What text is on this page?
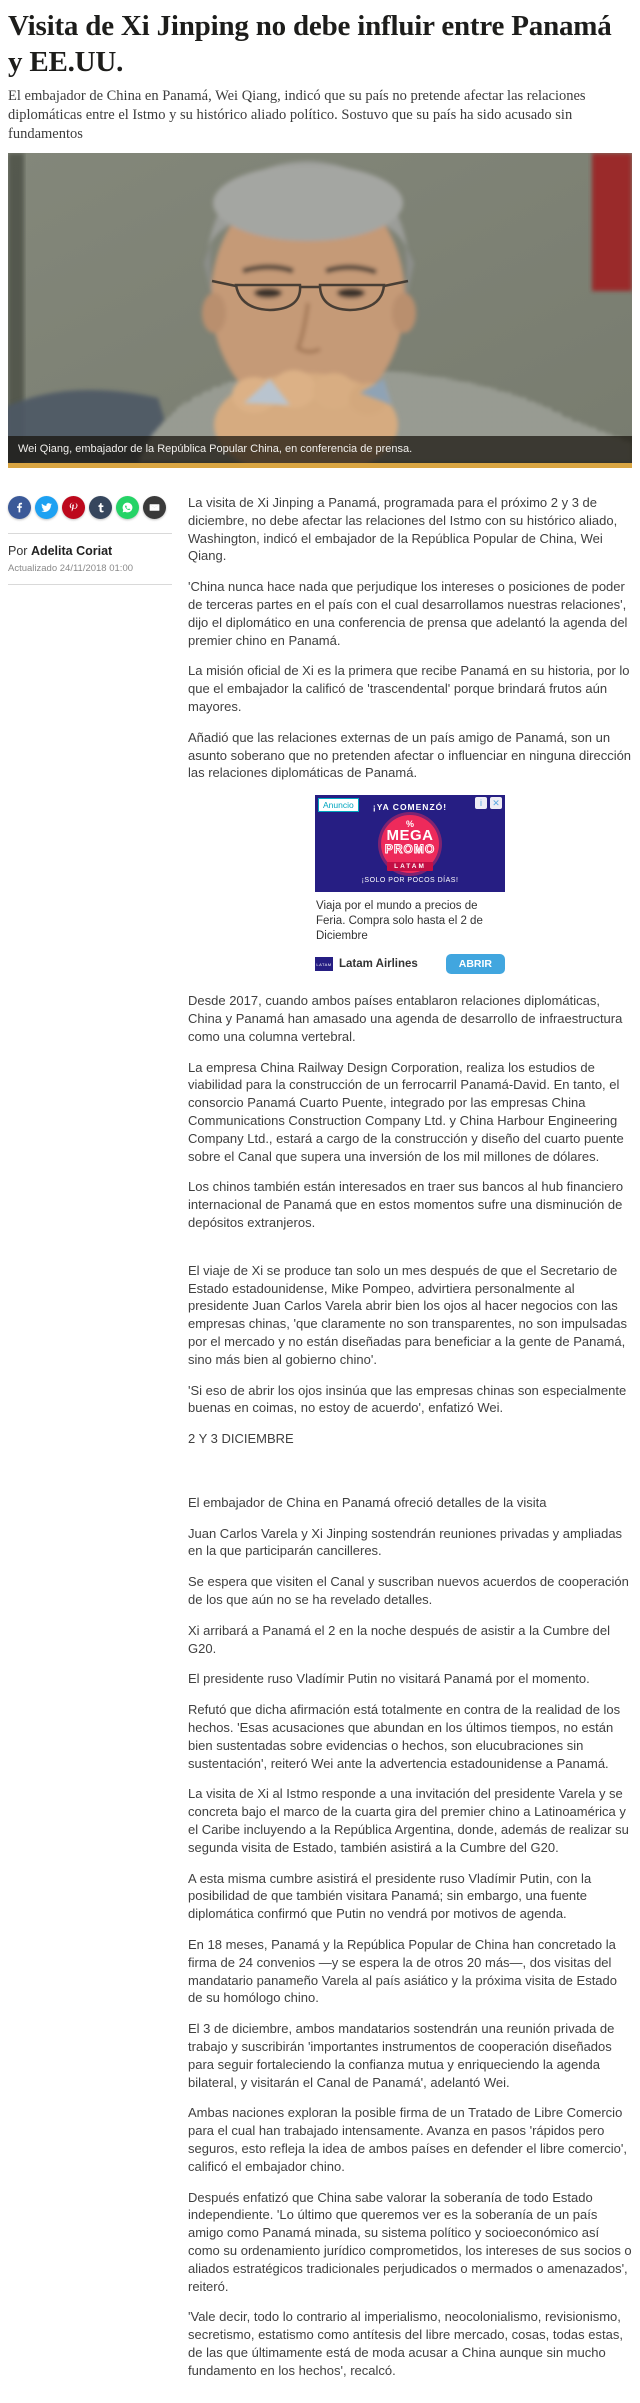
Visita de Xi Jinping no debe influir entre Panamá y EE.UU.

El embajador de China en Panamá, Wei Qiang, indicó que su país no pretende afectar las relaciones diplomáticas entre el Istmo y su histórico aliado político. Sostuvo que su país ha sido acusado sin fundamentos

Wei Qiang, embajador de la República Popular China, en conferencia de prensa.
Por Adelita Coriat
Actualizado 24/11/2018 01:00

La visita de Xi Jinping a Panamá, programada para el próximo 2 y 3 de diciembre, no debe afectar las relaciones del Istmo con su histórico aliado, Washington, indicó el embajador de la República Popular de China, Wei Qiang.

'China nunca hace nada que perjudique los intereses o posiciones de poder de terceras partes en el país con el cual desarrollamos nuestras relaciones', dijo el diplomático en una conferencia de prensa que adelantó la agenda del premier chino en Panamá.

La misión oficial de Xi es la primera que recibe Panamá en su historia, por lo que el embajador la calificó de 'trascendental' porque brindará frutos aún mayores.

Añadió que las relaciones externas de un país amigo de Panamá, son un asunto soberano que no pretenden afectar o influenciar en ninguna dirección las relaciones diplomáticas de Panamá.

Anuncio	i	✕
¡YA COMENZÓ!
%
MEGA
PROMO
LATAM
¡SOLO POR POCOS DÍAS!
Viaja por el mundo a precios de Feria. Compra solo hasta el 2 de Diciembre
LATAM Latam Airlines	ABRIR

Desde 2017, cuando ambos países entablaron relaciones diplomáticas, China y Panamá han amasado una agenda de desarrollo de infraestructura como una columna vertebral.

La empresa China Railway Design Corporation, realiza los estudios de viabilidad para la construcción de un ferrocarril Panamá-David. En tanto, el consorcio Panamá Cuarto Puente, integrado por las empresas China Communications Construction Company Ltd. y China Harbour Engineering Company Ltd., estará a cargo de la construcción y diseño del cuarto puente sobre el Canal que supera una inversión de los mil millones de dólares.

Los chinos también están interesados en traer sus bancos al hub financiero internacional de Panamá que en estos momentos sufre una disminución de depósitos extranjeros.

El viaje de Xi se produce tan solo un mes después de que el Secretario de Estado estadounidense, Mike Pompeo, advirtiera personalmente al presidente Juan Carlos Varela abrir bien los ojos al hacer negocios con las empresas chinas, 'que claramente no son transparentes, no son impulsadas por el mercado y no están diseñadas para beneficiar a la gente de Panamá, sino más bien al gobierno chino'.

'Si eso de abrir los ojos insinúa que las empresas chinas son especialmente buenas en coimas, no estoy de acuerdo', enfatizó Wei.

2 Y 3 DICIEMBRE

El embajador de China en Panamá ofreció detalles de la visita

Juan Carlos Varela y Xi Jinping sostendrán reuniones privadas y ampliadas en la que participarán cancilleres.

Se espera que visiten el Canal y suscriban nuevos acuerdos de cooperación de los que aún no se ha revelado detalles.

Xi arribará a Panamá el 2 en la noche después de asistir a la Cumbre del G20.

El presidente ruso Vladímir Putin no visitará Panamá por el momento.

Refutó que dicha afirmación está totalmente en contra de la realidad de los hechos. 'Esas acusaciones que abundan en los últimos tiempos, no están bien sustentadas sobre evidencias o hechos, son elucubraciones sin sustentación', reiteró Wei ante la advertencia estadounidense a Panamá.

La visita de Xi al Istmo responde a una invitación del presidente Varela y se concreta bajo el marco de la cuarta gira del premier chino a Latinoamérica y el Caribe incluyendo a la República Argentina, donde, además de realizar su segunda visita de Estado, también asistirá a la Cumbre del G20.

A esta misma cumbre asistirá el presidente ruso Vladímir Putin, con la posibilidad de que también visitara Panamá; sin embargo, una fuente diplomática confirmó que Putin no vendrá por motivos de agenda.

En 18 meses, Panamá y la República Popular de China han concretado la firma de 24 convenios —y se espera la de otros 20 más—, dos visitas del mandatario panameño Varela al país asiático y la próxima visita de Estado de su homólogo chino.

El 3 de diciembre, ambos mandatarios sostendrán una reunión privada de trabajo y suscribirán 'importantes instrumentos de cooperación diseñados para seguir fortaleciendo la confianza mutua y enriqueciendo la agenda bilateral, y visitarán el Canal de Panamá', adelantó Wei.

Ambas naciones exploran la posible firma de un Tratado de Libre Comercio para el cual han trabajado intensamente. Avanza en pasos 'rápidos pero seguros, esto refleja la idea de ambos países en defender el libre comercio', calificó el embajador chino.

Después enfatizó que China sabe valorar la soberanía de todo Estado independiente. 'Lo último que queremos ver es la soberanía de un país amigo como Panamá minada, su sistema político y socioeconómico así como su ordenamiento jurídico comprometidos, los intereses de sus socios o aliados estratégicos tradicionales perjudicados o mermados o amenazados', reiteró.

'Vale decir, todo lo contrario al imperialismo, neocolonialismo, revisionismo, secretismo, estatismo como antítesis del libre mercado, cosas, todas estas, de las que últimamente está de moda acusar a China aunque sin mucho fundamento en los hechos', recalcó.
